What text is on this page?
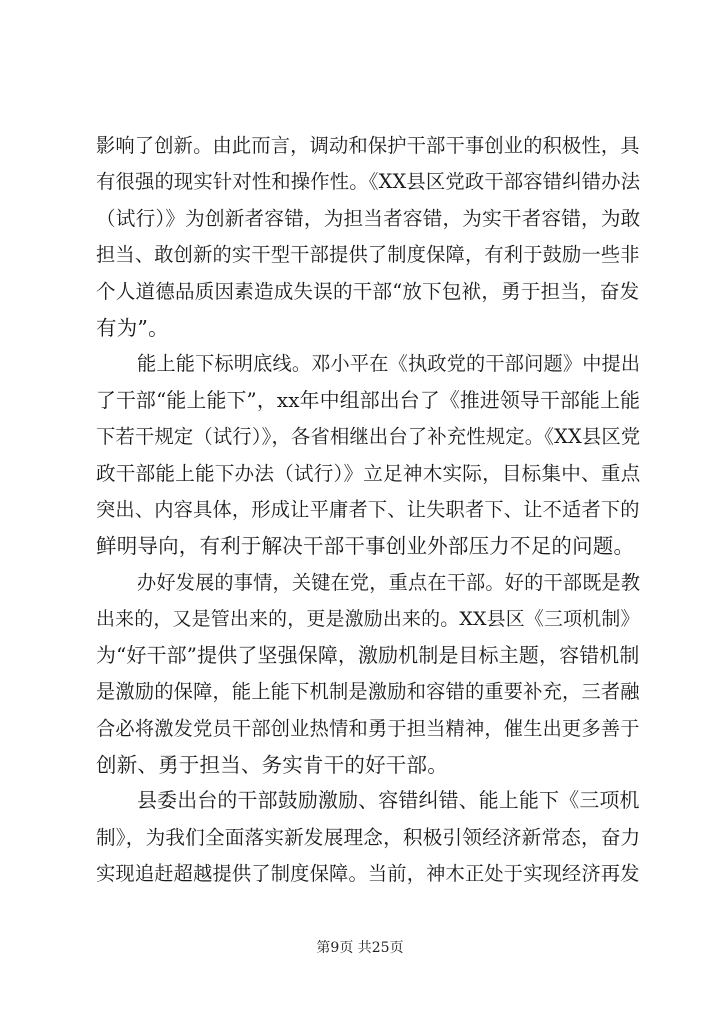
影响了创新。由此而言，调动和保护干部干事创业的积极性，具
有很强的现实针对性和操作性。《XX县区党政干部容错纠错办法
（试行）》为创新者容错，为担当者容错，为实干者容错，为敢
担当、敢创新的实干型干部提供了制度保障，有利于鼓励一些非
个人道德品质因素造成失误的干部“放下包袱，勇于担当，奋发
有为”。

能上能下标明底线。邓小平在《执政党的干部问题》中提出
了干部“能上能下”，xx年中组部出台了《推进领导干部能上能
下若干规定（试行）》，各省相继出台了补充性规定。《XX县区党
政干部能上能下办法（试行）》立足神木实际，目标集中、重点
突出、内容具体，形成让平庸者下、让失职者下、让不适者下的
鲜明导向，有利于解决干部干事创业外部压力不足的问题。

办好发展的事情，关键在党，重点在干部。好的干部既是教
出来的，又是管出来的，更是激励出来的。XX县区《三项机制》
为“好干部”提供了坚强保障，激励机制是目标主题，容错机制
是激励的保障，能上能下机制是激励和容错的重要补充，三者融
合必将激发党员干部创业热情和勇于担当精神，催生出更多善于
创新、勇于担当、务实肯干的好干部。

县委出台的干部鼓励激励、容错纠错、能上能下《三项机
制》，为我们全面落实新发展理念，积极引领经济新常态，奋力
实现追赶超越提供了制度保障。当前，神木正处于实现经济再发

第9页 共25页
